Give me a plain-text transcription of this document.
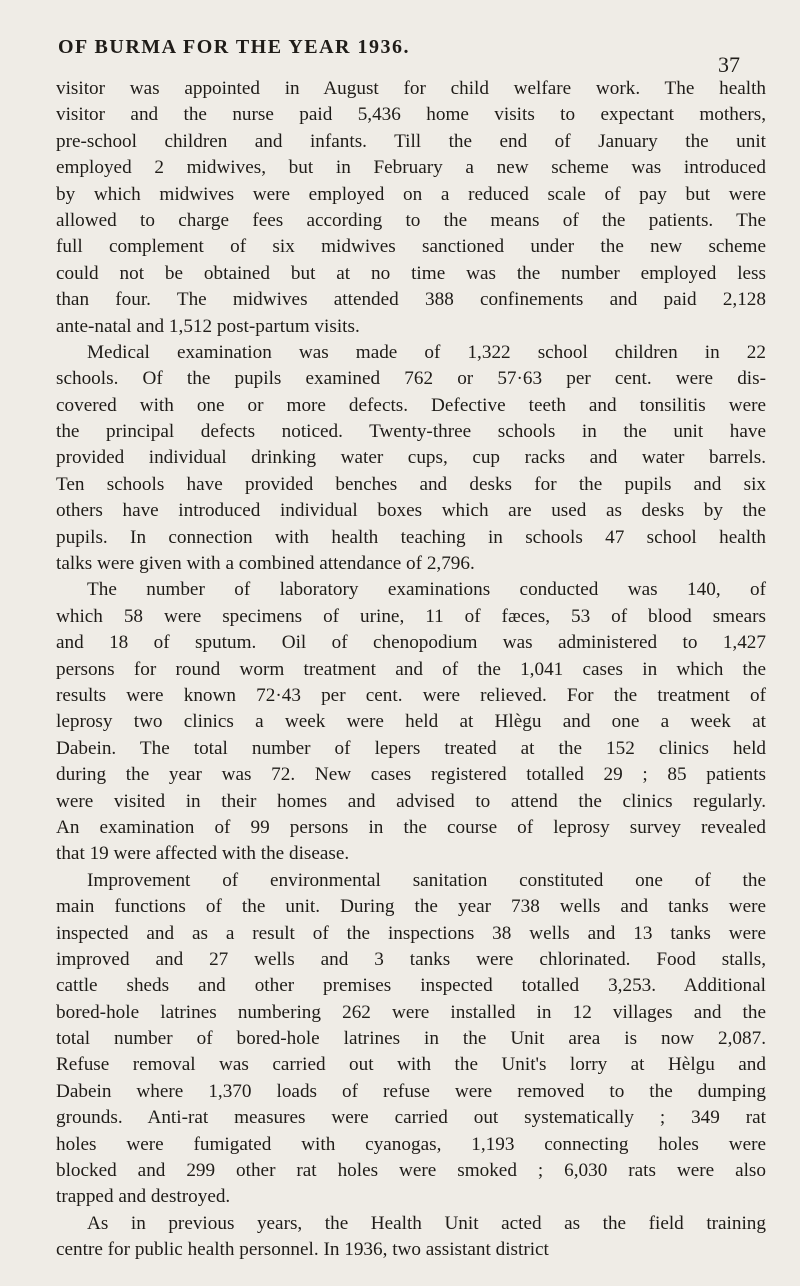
OF BURMA FOR THE YEAR 1936.
37
visitor was appointed in August for child welfare work. The health
visitor and the nurse paid 5,436 home visits to expectant mothers,
pre-school children and infants. Till the end of January the unit
employed 2 midwives, but in February a new scheme was introduced
by which midwives were employed on a reduced scale of pay but were
allowed to charge fees according to the means of the patients. The
full complement of six midwives sanctioned under the new scheme
could not be obtained but at no time was the number employed less
than four. The midwives attended 388 confinements and paid 2,128
ante-natal and 1,512 post-partum visits.
Medical examination was made of 1,322 school children in 22
schools. Of the pupils examined 762 or 57·63 per cent. were dis-
covered with one or more defects. Defective teeth and tonsilitis were
the principal defects noticed. Twenty-three schools in the unit have
provided individual drinking water cups, cup racks and water barrels.
Ten schools have provided benches and desks for the pupils and six
others have introduced individual boxes which are used as desks by the
pupils. In connection with health teaching in schools 47 school health
talks were given with a combined attendance of 2,796.
The number of laboratory examinations conducted was 140, of
which 58 were specimens of urine, 11 of fæces, 53 of blood smears
and 18 of sputum. Oil of chenopodium was administered to 1,427
persons for round worm treatment and of the 1,041 cases in which the
results were known 72·43 per cent. were relieved. For the treatment of
leprosy two clinics a week were held at Hlègu and one a week at
Dabein. The total number of lepers treated at the 152 clinics held
during the year was 72. New cases registered totalled 29 ; 85 patients
were visited in their homes and advised to attend the clinics regularly.
An examination of 99 persons in the course of leprosy survey revealed
that 19 were affected with the disease.
Improvement of environmental sanitation constituted one of the
main functions of the unit. During the year 738 wells and tanks were
inspected and as a result of the inspections 38 wells and 13 tanks were
improved and 27 wells and 3 tanks were chlorinated. Food stalls,
cattle sheds and other premises inspected totalled 3,253. Additional
bored-hole latrines numbering 262 were installed in 12 villages and the
total number of bored-hole latrines in the Unit area is now 2,087.
Refuse removal was carried out with the Unit's lorry at Hèlgu and
Dabein where 1,370 loads of refuse were removed to the dumping
grounds. Anti-rat measures were carried out systematically ; 349 rat
holes were fumigated with cyanogas, 1,193 connecting holes were
blocked and 299 other rat holes were smoked ; 6,030 rats were also
trapped and destroyed.
As in previous years, the Health Unit acted as the field training
centre for public health personnel. In 1936, two assistant district
